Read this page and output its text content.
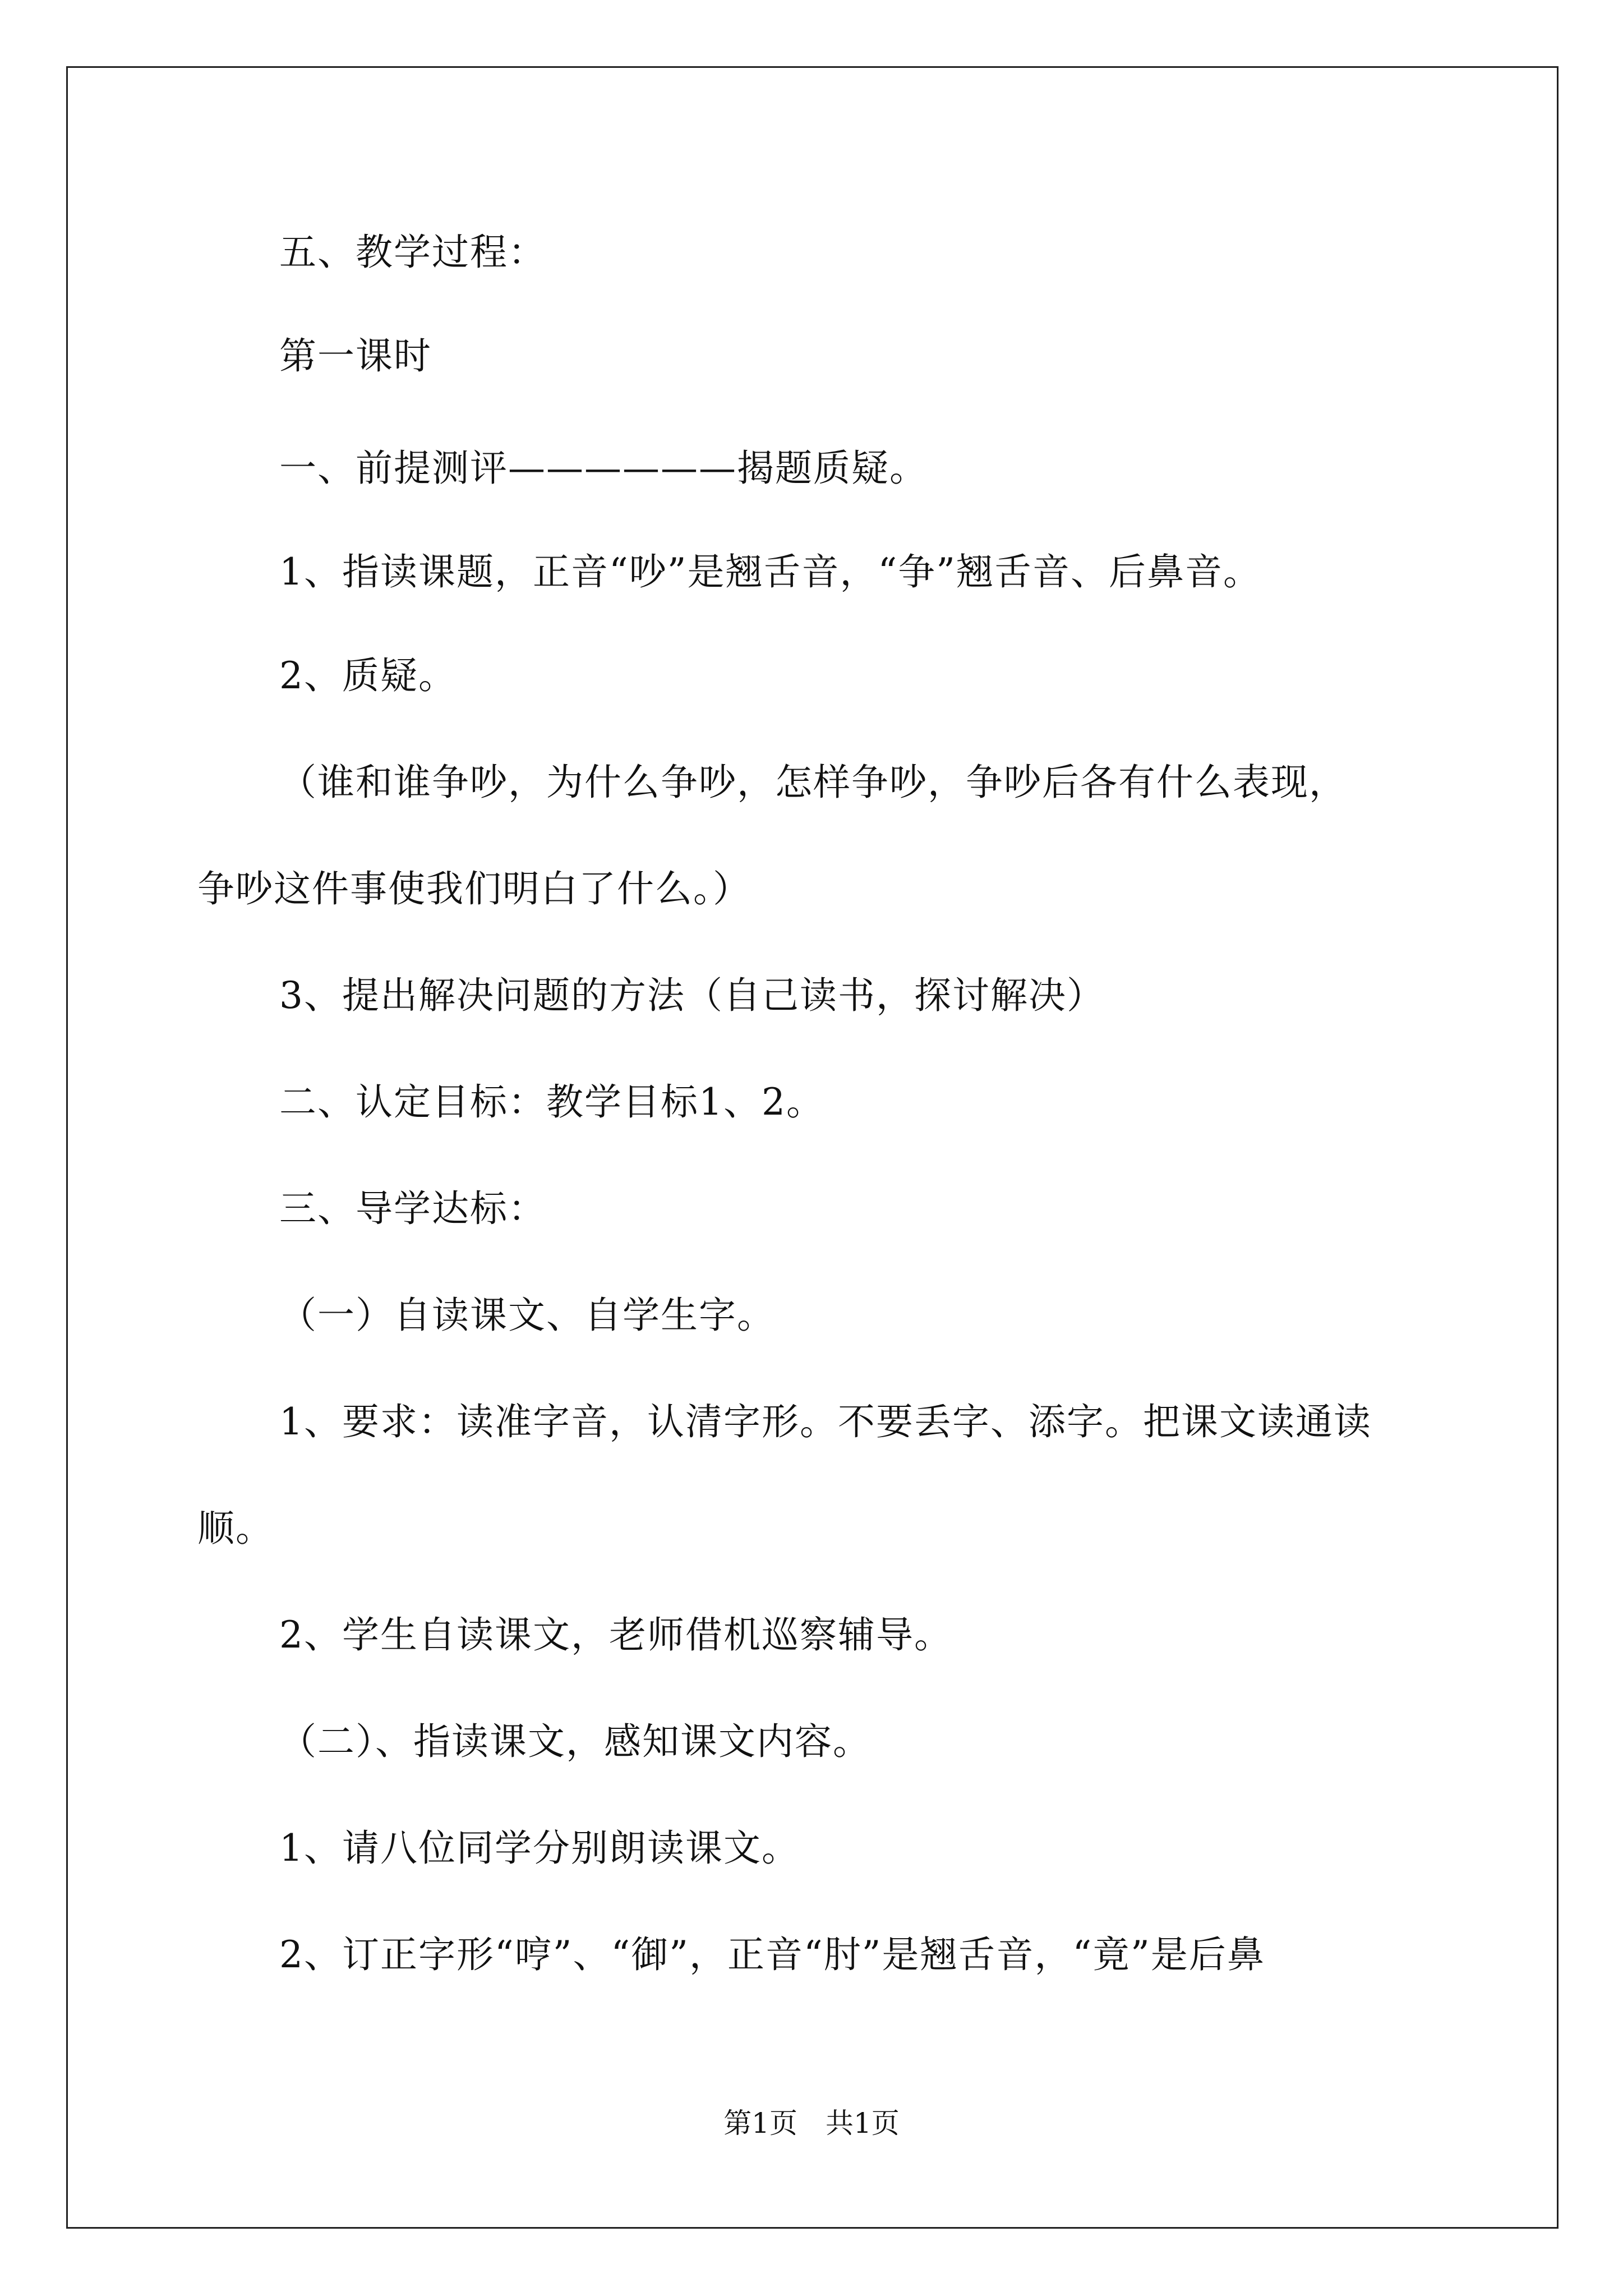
五、教学过程：
第一课时
一、前提测评——————揭题质疑。
1、指读课题，正音“吵”是翘舌音，“争”翘舌音、后鼻音。
2、质疑。
（谁和谁争吵，为什么争吵，怎样争吵，争吵后各有什么表现，
争吵这件事使我们明白了什么。）
3、提出解决问题的方法（自己读书，探讨解决）
二、认定目标：教学目标1、2。
三、导学达标：
（一）自读课文、自学生字。
1、要求：读准字音，认清字形。不要丢字、添字。把课文读通读
顺。
2、学生自读课文，老师借机巡察辅导。
（二）、指读课文，感知课文内容。
1、请八位同学分别朗读课文。
2、订正字形“哼”、“御”，正音“肘”是翘舌音，“竟”是后鼻
第1页　共1页
